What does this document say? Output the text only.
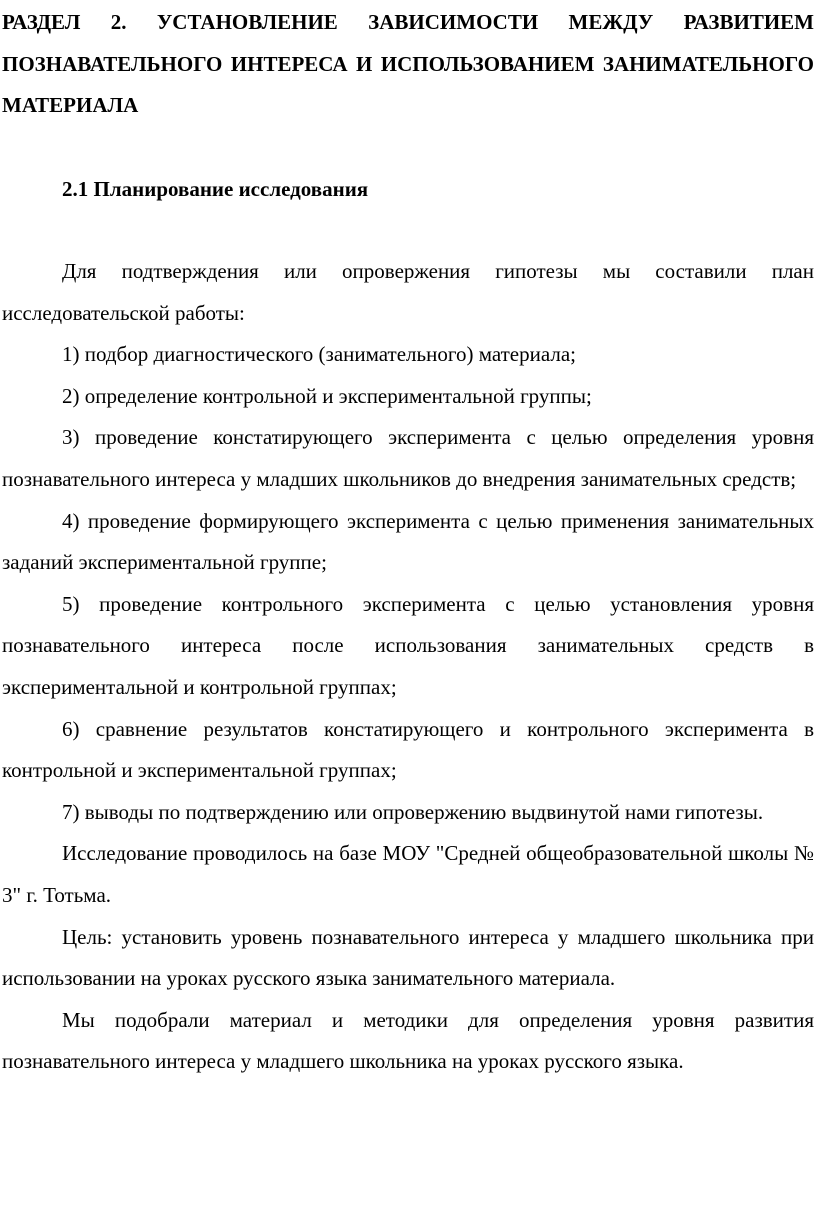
РАЗДЕЛ 2. УСТАНОВЛЕНИЕ ЗАВИСИМОСТИ МЕЖДУ РАЗВИТИЕМ ПОЗНАВАТЕЛЬНОГО ИНТЕРЕСА И ИСПОЛЬЗОВАНИЕМ ЗАНИМАТЕЛЬНОГО МАТЕРИАЛА
2.1 Планирование исследования

Для подтверждения или опровержения гипотезы мы составили план исследовательской работы:

1) подбор диагностического (занимательного) материала;

2) определение контрольной и экспериментальной группы;

3) проведение констатирующего эксперимента с целью определения уровня познавательного интереса у младших школьников до внедрения занимательных средств;

4) проведение формирующего эксперимента с целью применения занимательных заданий экспериментальной группе;

5) проведение контрольного эксперимента с целью установления уровня познавательного интереса после использования занимательных средств в экспериментальной и контрольной группах;

6) сравнение результатов констатирующего и контрольного эксперимента в контрольной и экспериментальной группах;

7) выводы по подтверждению или опровержению выдвинутой нами гипотезы.

Исследование проводилось на базе МОУ "Средней общеобразовательной школы № 3" г. Тотьма.

Цель: установить уровень познавательного интереса у младшего школьника при использовании на уроках русского языка занимательного материала.

Мы подобрали материал и методики для определения уровня развития познавательного интереса у младшего школьника на уроках русского языка.
